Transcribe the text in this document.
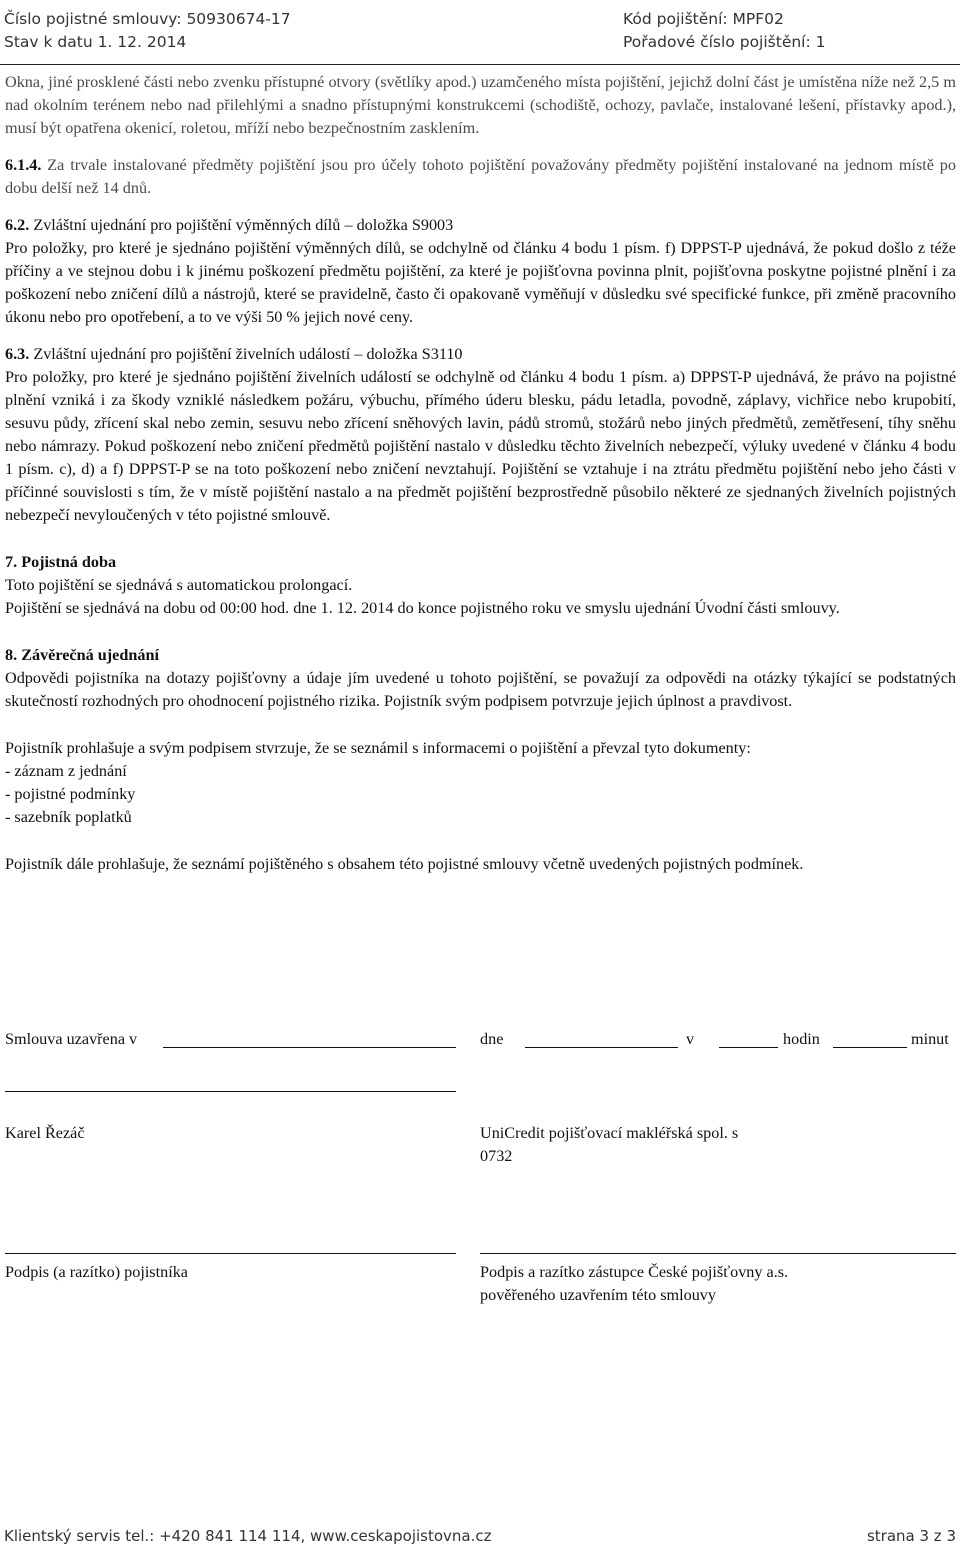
Číslo pojistné smlouvy: 50930674-17
Stav k datu 1. 12. 2014
Kód pojištění: MPF02
Pořadové číslo pojištění: 1

Okna, jiné prosklené části nebo zvenku přístupné otvory (světlíky apod.) uzamčeného místa pojištění, jejichž dolní část je umístěna níže než 2,5 m nad okolním terénem nebo nad přilehlými a snadno přístupnými konstrukcemi (schodiště, ochozy, pavlače, instalované lešení, přístavky apod.), musí být opatřena okenicí, roletou, mříží nebo bezpečnostním zasklením.

6.1.4. Za trvale instalované předměty pojištění jsou pro účely tohoto pojištění považovány předměty pojištění instalované na jednom místě po dobu delší než 14 dnů.

6.2. Zvláštní ujednání pro pojištění výměnných dílů – doložka S9003

Pro položky, pro které je sjednáno pojištění výměnných dílů, se odchylně od článku 4 bodu 1 písm. f) DPPST-P ujednává, že pokud došlo z téže příčiny a ve stejnou dobu i k jinému poškození předmětu pojištění, za které je pojišťovna povinna plnit, pojišťovna poskytne pojistné plnění i za poškození nebo zničení dílů a nástrojů, které se pravidelně, často či opakovaně vyměňují v důsledku své specifické funkce, při změně pracovního úkonu nebo pro opotřebení, a to ve výši 50 % jejich nové ceny.

6.3. Zvláštní ujednání pro pojištění živelních událostí – doložka S3110

Pro položky, pro které je sjednáno pojištění živelních událostí se odchylně od článku 4 bodu 1 písm. a) DPPST-P ujednává, že právo na pojistné plnění vzniká i za škody vzniklé následkem požáru, výbuchu, přímého úderu blesku, pádu letadla, povodně, záplavy, vichřice nebo krupobití, sesuvu půdy, zřícení skal nebo zemin, sesuvu nebo zřícení sněhových lavin, pádů stromů, stožárů nebo jiných předmětů, zemětřesení, tíhy sněhu nebo námrazy. Pokud poškození nebo zničení předmětů pojištění nastalo v důsledku těchto živelních nebezpečí, výluky uvedené v článku 4 bodu 1 písm. c), d) a f) DPPST-P se na toto poškození nebo zničení nevztahují. Pojištění se vztahuje i na ztrátu předmětu pojištění nebo jeho části v příčinné souvislosti s tím, že v místě pojištění nastalo a na předmět pojištění bezprostředně působilo některé ze sjednaných živelních pojistných nebezpečí nevyloučených v této pojistné smlouvě.

7. Pojistná doba

Toto pojištění se sjednává s automatickou prolongací.

Pojištění se sjednává na dobu od 00:00 hod. dne 1. 12. 2014 do konce pojistného roku ve smyslu ujednání Úvodní části smlouvy.

8. Závěrečná ujednání

Odpovědi pojistníka na dotazy pojišťovny a údaje jím uvedené u tohoto pojištění, se považují za odpovědi na otázky týkající se podstatných skutečností rozhodných pro ohodnocení pojistného rizika. Pojistník svým podpisem potvrzuje jejich úplnost a pravdivost.

Pojistník prohlašuje a svým podpisem stvrzuje, že se seznámil s informacemi o pojištění a převzal tyto dokumenty:

- záznam z jednání

- pojistné podmínky

- sazebník poplatků

Pojistník dále prohlašuje, že seznámí pojištěného s obsahem této pojistné smlouvy včetně uvedených pojistných podmínek.

Smlouva uzavřena v	dne	v	hodin	minut
Karel Řezáč	UniCredit pojišťovací makléřská spol. s
0732
Podpis (a razítko) pojistníka	Podpis a razítko zástupce České pojišťovny a.s.
pověřeného uzavřením této smlouvy
Klientský servis tel.: +420 841 114 114, www.ceskapojistovna.cz	strana 3 z 3
